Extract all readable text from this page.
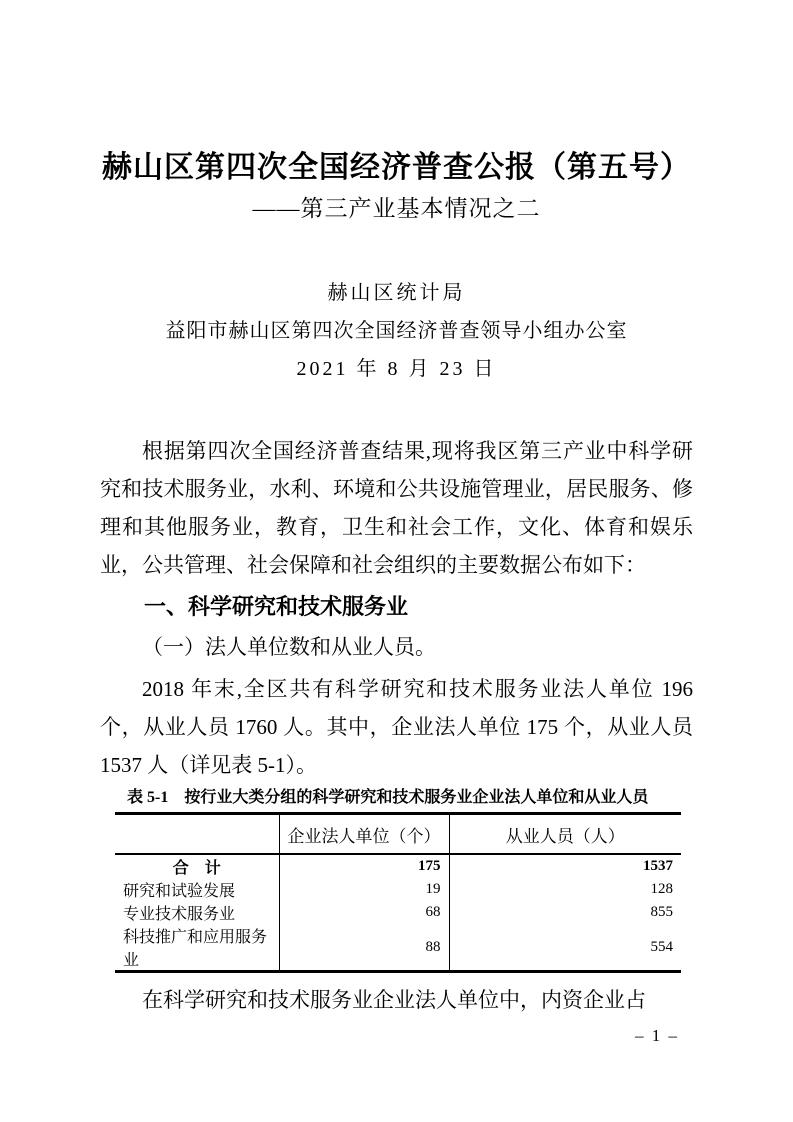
赫山区第四次全国经济普查公报（第五号）
——第三产业基本情况之二
赫山区统计局
益阳市赫山区第四次全国经济普查领导小组办公室
2021 年 8 月 23 日

根据第四次全国经济普查结果,现将我区第三产业中科学研究和技术服务业，水利、环境和公共设施管理业，居民服务、修理和其他服务业，教育，卫生和社会工作，文化、体育和娱乐业，公共管理、社会保障和社会组织的主要数据公布如下：

一、科学研究和技术服务业

（一）法人单位数和从业人员。

2018 年末,全区共有科学研究和技术服务业法人单位 196 个，从业人员 1760 人。其中，企业法人单位 175 个，从业人员 1537 人（详见表 5-1）。

表 5-1　按行业大类分组的科学研究和技术服务业企业法人单位和从业人员
	企业法人单位（个）	从业人员（人）
合　计	175	1537
研究和试验发展	19	128
专业技术服务业	68	855
科技推广和应用服务业	88	554

在科学研究和技术服务业企业法人单位中，内资企业占

– 1 –
